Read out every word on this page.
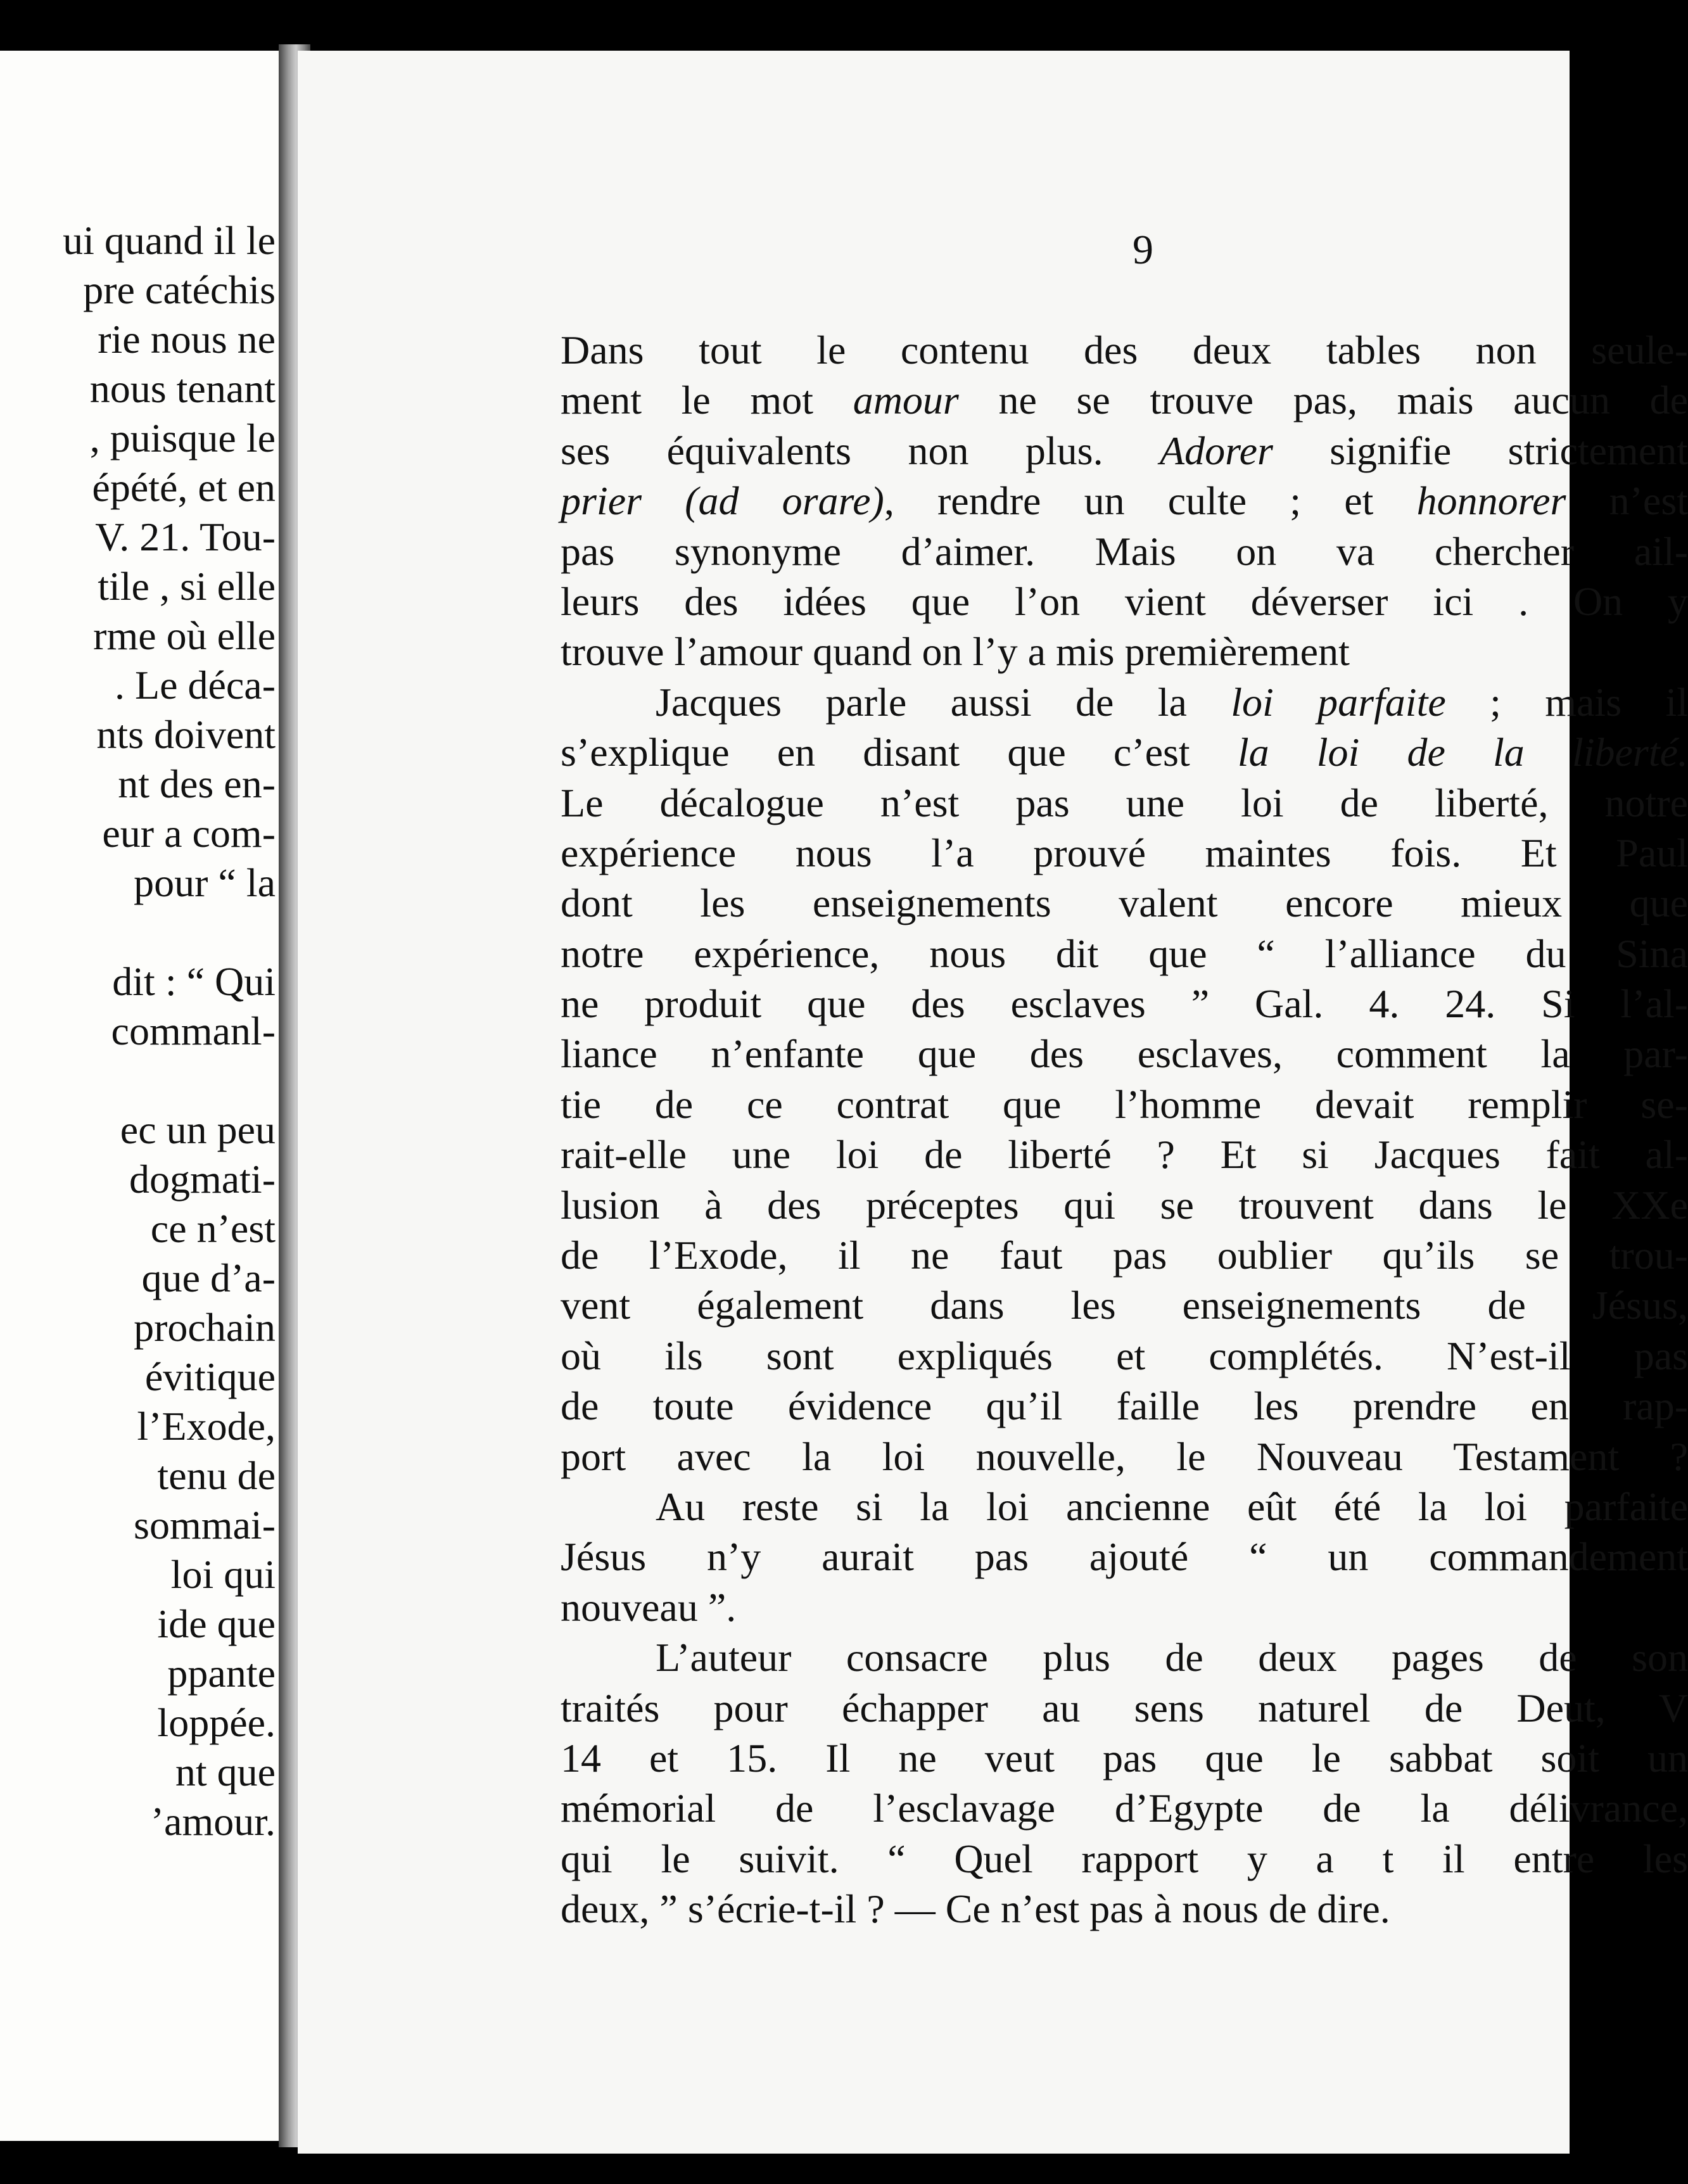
ui quand il le
pre catéchis
rie nous ne
nous tenant
, puisque le
épété, et en
V. 21. Tou-
tile , si elle
rme où elle
. Le déca-
nts doivent
nt des en-
eur a com-
pour “ la
dit : “ Qui
commanl-
ec un peu
dogmati-
ce n’est
que d’a-
prochain
évitique
l’Exode,
tenu de
sommai-
loi qui
ide que
ppante
loppée.
nt que
’amour.
9
Dans tout le contenu des deux tables non seule-
ment le mot amour ne se trouve pas, mais aucun de
ses équivalents non plus. Adorer signifie strictement
prier (ad orare), rendre un culte ; et honnorer n’est
pas synonyme d’aimer. Mais on va chercher ail-
leurs des idées que l’on vient déverser ici . On y
trouve l’amour quand on l’y a mis premièrement
Jacques parle aussi de la loi parfaite ; mais il
s’explique en disant que c’est la loi de la liberté.
Le décalogue n’est pas une loi de liberté, notre
expérience nous l’a prouvé maintes fois. Et Paul
dont les enseignements valent encore mieux que
notre expérience, nous dit que “ l’alliance du Sina
ne produit que des esclaves ” Gal. 4. 24. Si l’al-
liance n’enfante que des esclaves, comment la par-
tie de ce contrat que l’homme devait remplir se-
rait-elle une loi de liberté ? Et si Jacques fait al-
lusion à des préceptes qui se trouvent dans le XXe
de l’Exode, il ne faut pas oublier qu’ils se trou-
vent également dans les enseignements de Jésus,
où ils sont expliqués et complétés. N’est-il pas
de toute évidence qu’il faille les prendre en rap-
port avec la loi nouvelle, le Nouveau Testament ?
Au reste si la loi ancienne eût été la loi parfaite
Jésus n’y aurait pas ajouté “ un commandement
nouveau ”.
L’auteur consacre plus de deux pages de son
traités pour échapper au sens naturel de Deut, V
14 et 15. Il ne veut pas que le sabbat soit un
mémorial de l’esclavage d’Egypte de la délivrance,
qui le suivit. “ Quel rapport y a t il entre les
deux, ” s’écrie-t-il ? — Ce n’est pas à nous de dire.
